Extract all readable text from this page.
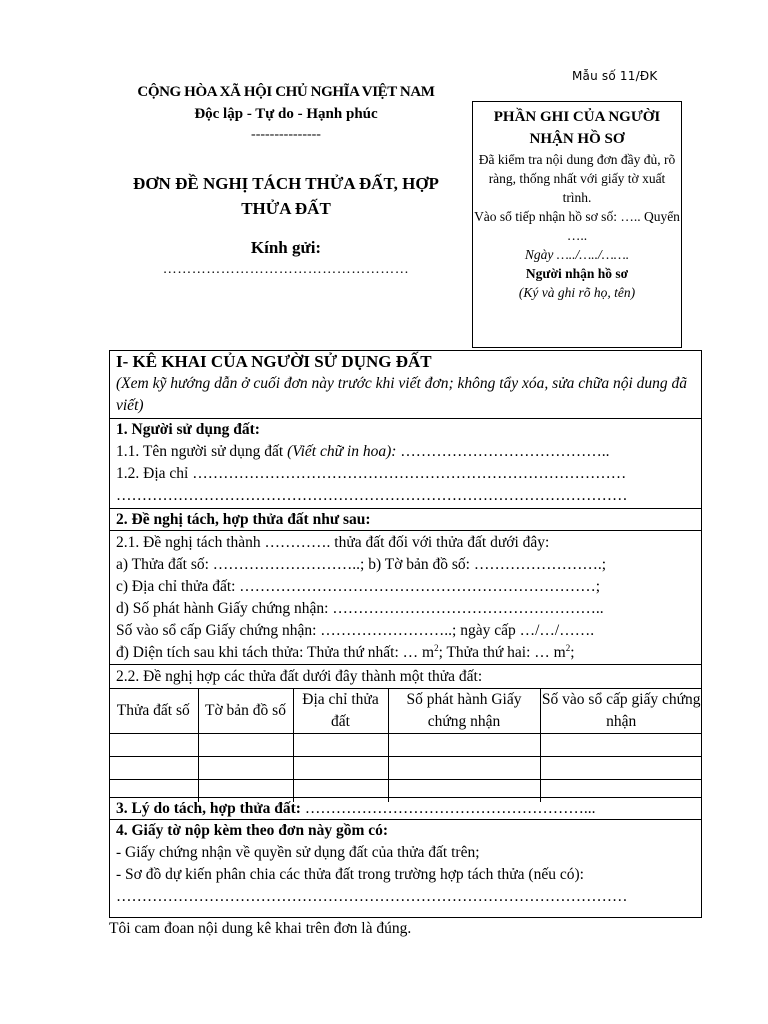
Mẫu số 11/ĐK
CỘNG HÒA XÃ HỘI CHỦ NGHĨA VIỆT NAM
Độc lập - Tự do - Hạnh phúc
---------------
ĐƠN ĐỀ NGHỊ TÁCH THỬA ĐẤT, HỢP THỬA ĐẤT
Kính gửi:
……………………………………………
PHẦN GHI CỦA NGƯỜI NHẬN HỒ SƠ
Đã kiểm tra nội dung đơn đầy đủ, rõ ràng, thống nhất với giấy tờ xuất trình.
Vào sổ tiếp nhận hồ sơ số: ….. Quyển …..
Ngày …../…../…….
Người nhận hồ sơ
(Ký và ghi rõ họ, tên)
I- KÊ KHAI CỦA NGƯỜI SỬ DỤNG ĐẤT
(Xem kỹ hướng dẫn ở cuối đơn này trước khi viết đơn; không tẩy xóa, sửa chữa nội dung đã viết)
1. Người sử dụng đất:
1.1. Tên người sử dụng đất (Viết chữ in hoa): …………………………………..
1.2. Địa chỉ …………………………………………………………………………
………………………………………………………………………………………
2. Đề nghị tách, hợp thửa đất như sau:
2.1. Đề nghị tách thành …………. thửa đất đối với thửa đất dưới đây:
a) Thửa đất số: ………………………..; b) Tờ bản đồ số: …………………….;
c) Địa chỉ thửa đất: ……………………………………………………………;
d) Số phát hành Giấy chứng nhận: ……………………………………………..
Số vào sổ cấp Giấy chứng nhận: ……………………..; ngày cấp …/…/…….
đ) Diện tích sau khi tách thửa: Thửa thứ nhất: … $m^2$; Thửa thứ hai: … $m^2$;
2.2. Đề nghị hợp các thửa đất dưới đây thành một thửa đất:
Thửa đất số	Tờ bản đồ số	Địa chỉ thửa đất	Số phát hành Giấy chứng nhận	Số vào sổ cấp giấy chứng nhận

3. Lý do tách, hợp thửa đất: ………………………………………………...
4. Giấy tờ nộp kèm theo đơn này gồm có:
- Giấy chứng nhận về quyền sử dụng đất của thửa đất trên;
- Sơ đồ dự kiến phân chia các thửa đất trong trường hợp tách thửa (nếu có):
………………………………………………………………………………………
Tôi cam đoan nội dung kê khai trên đơn là đúng.
